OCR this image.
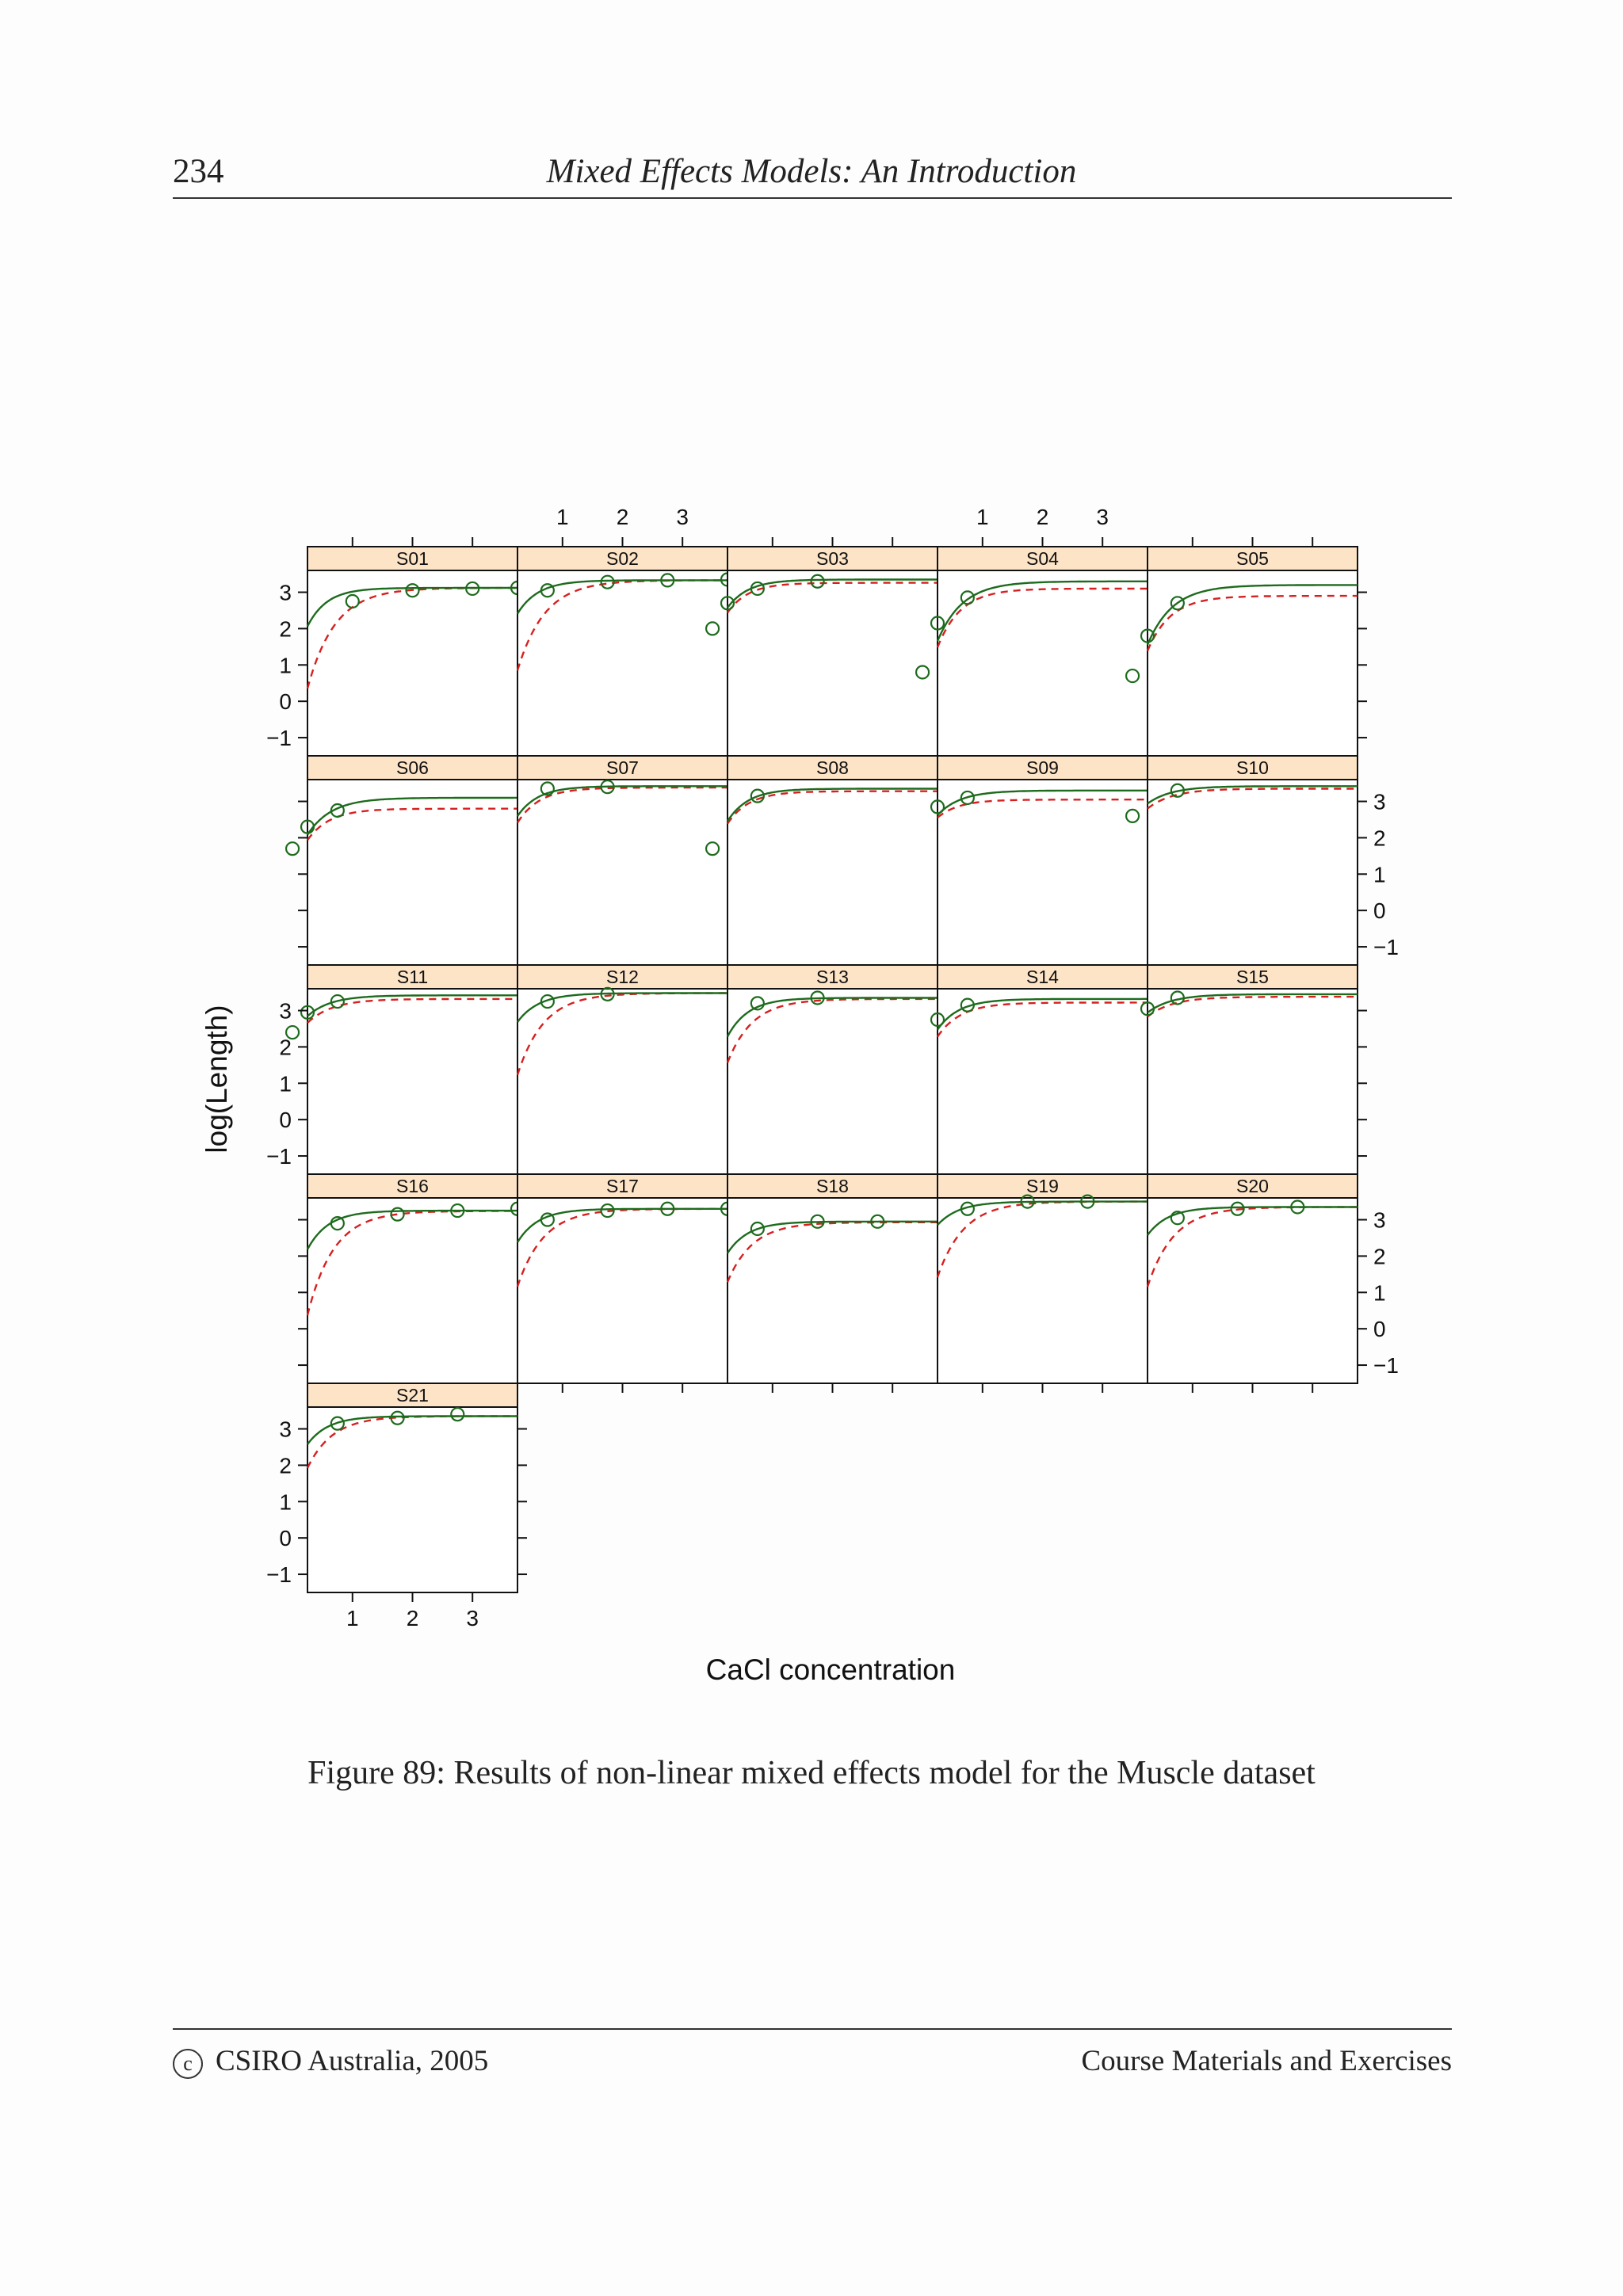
234	Mixed Effects Models: An Introduction
S01	S02	S03	S04	S05
S06	S07	S08	S09	S10
S11	S12	S13	S14	S15
S16	S17	S18	S19	S20
S21
3
2
1
0
−1
3
2
1
0
−1
3
2
1
0
−1
3
2
1
0
−1
3
2
1
0
−1
1 2 3	1 2 3
1 2 3
CaCl concentration
log(Length)
Figure 89: Results of non-linear mixed effects model for the Muscle dataset
c CSIRO Australia, 2005	Course Materials and Exercises
